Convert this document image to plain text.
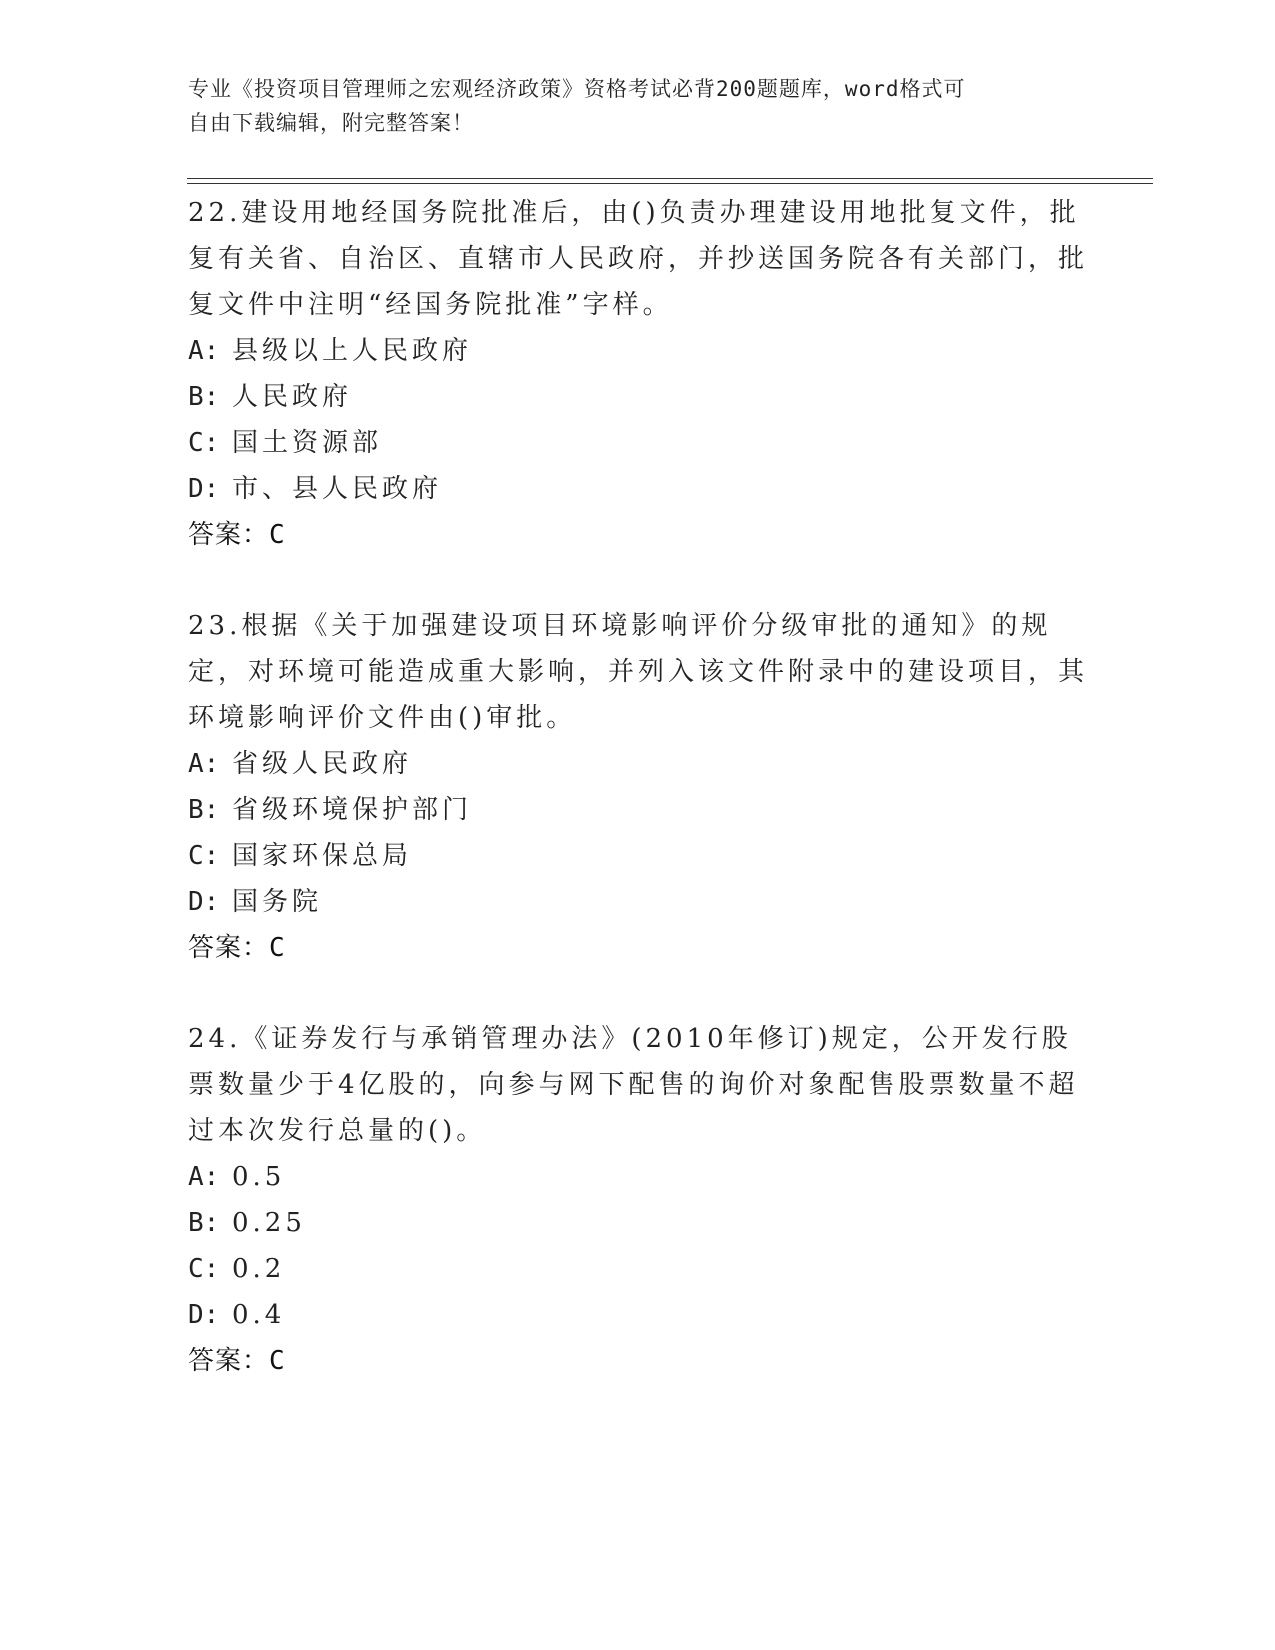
专业《投资项目管理师之宏观经济政策》资格考试必背200题题库，word格式可
自由下载编辑，附完整答案！
22.建设用地经国务院批准后，由()负责办理建设用地批复文件，批复有关省、自治区、直辖市人民政府，并抄送国务院各有关部门，批复文件中注明“经国务院批准”字样。
A: 县级以上人民政府
B: 人民政府
C: 国土资源部
D: 市、县人民政府
答案：C
23.根据《关于加强建设项目环境影响评价分级审批的通知》的规定，对环境可能造成重大影响，并列入该文件附录中的建设项目，其环境影响评价文件由()审批。
A: 省级人民政府
B: 省级环境保护部门
C: 国家环保总局
D: 国务院
答案：C
24.《证券发行与承销管理办法》(2010年修订)规定，公开发行股票数量少于4亿股的，向参与网下配售的询价对象配售股票数量不超过本次发行总量的()。
A: 0.5
B: 0.25
C: 0.2
D: 0.4
答案：C
